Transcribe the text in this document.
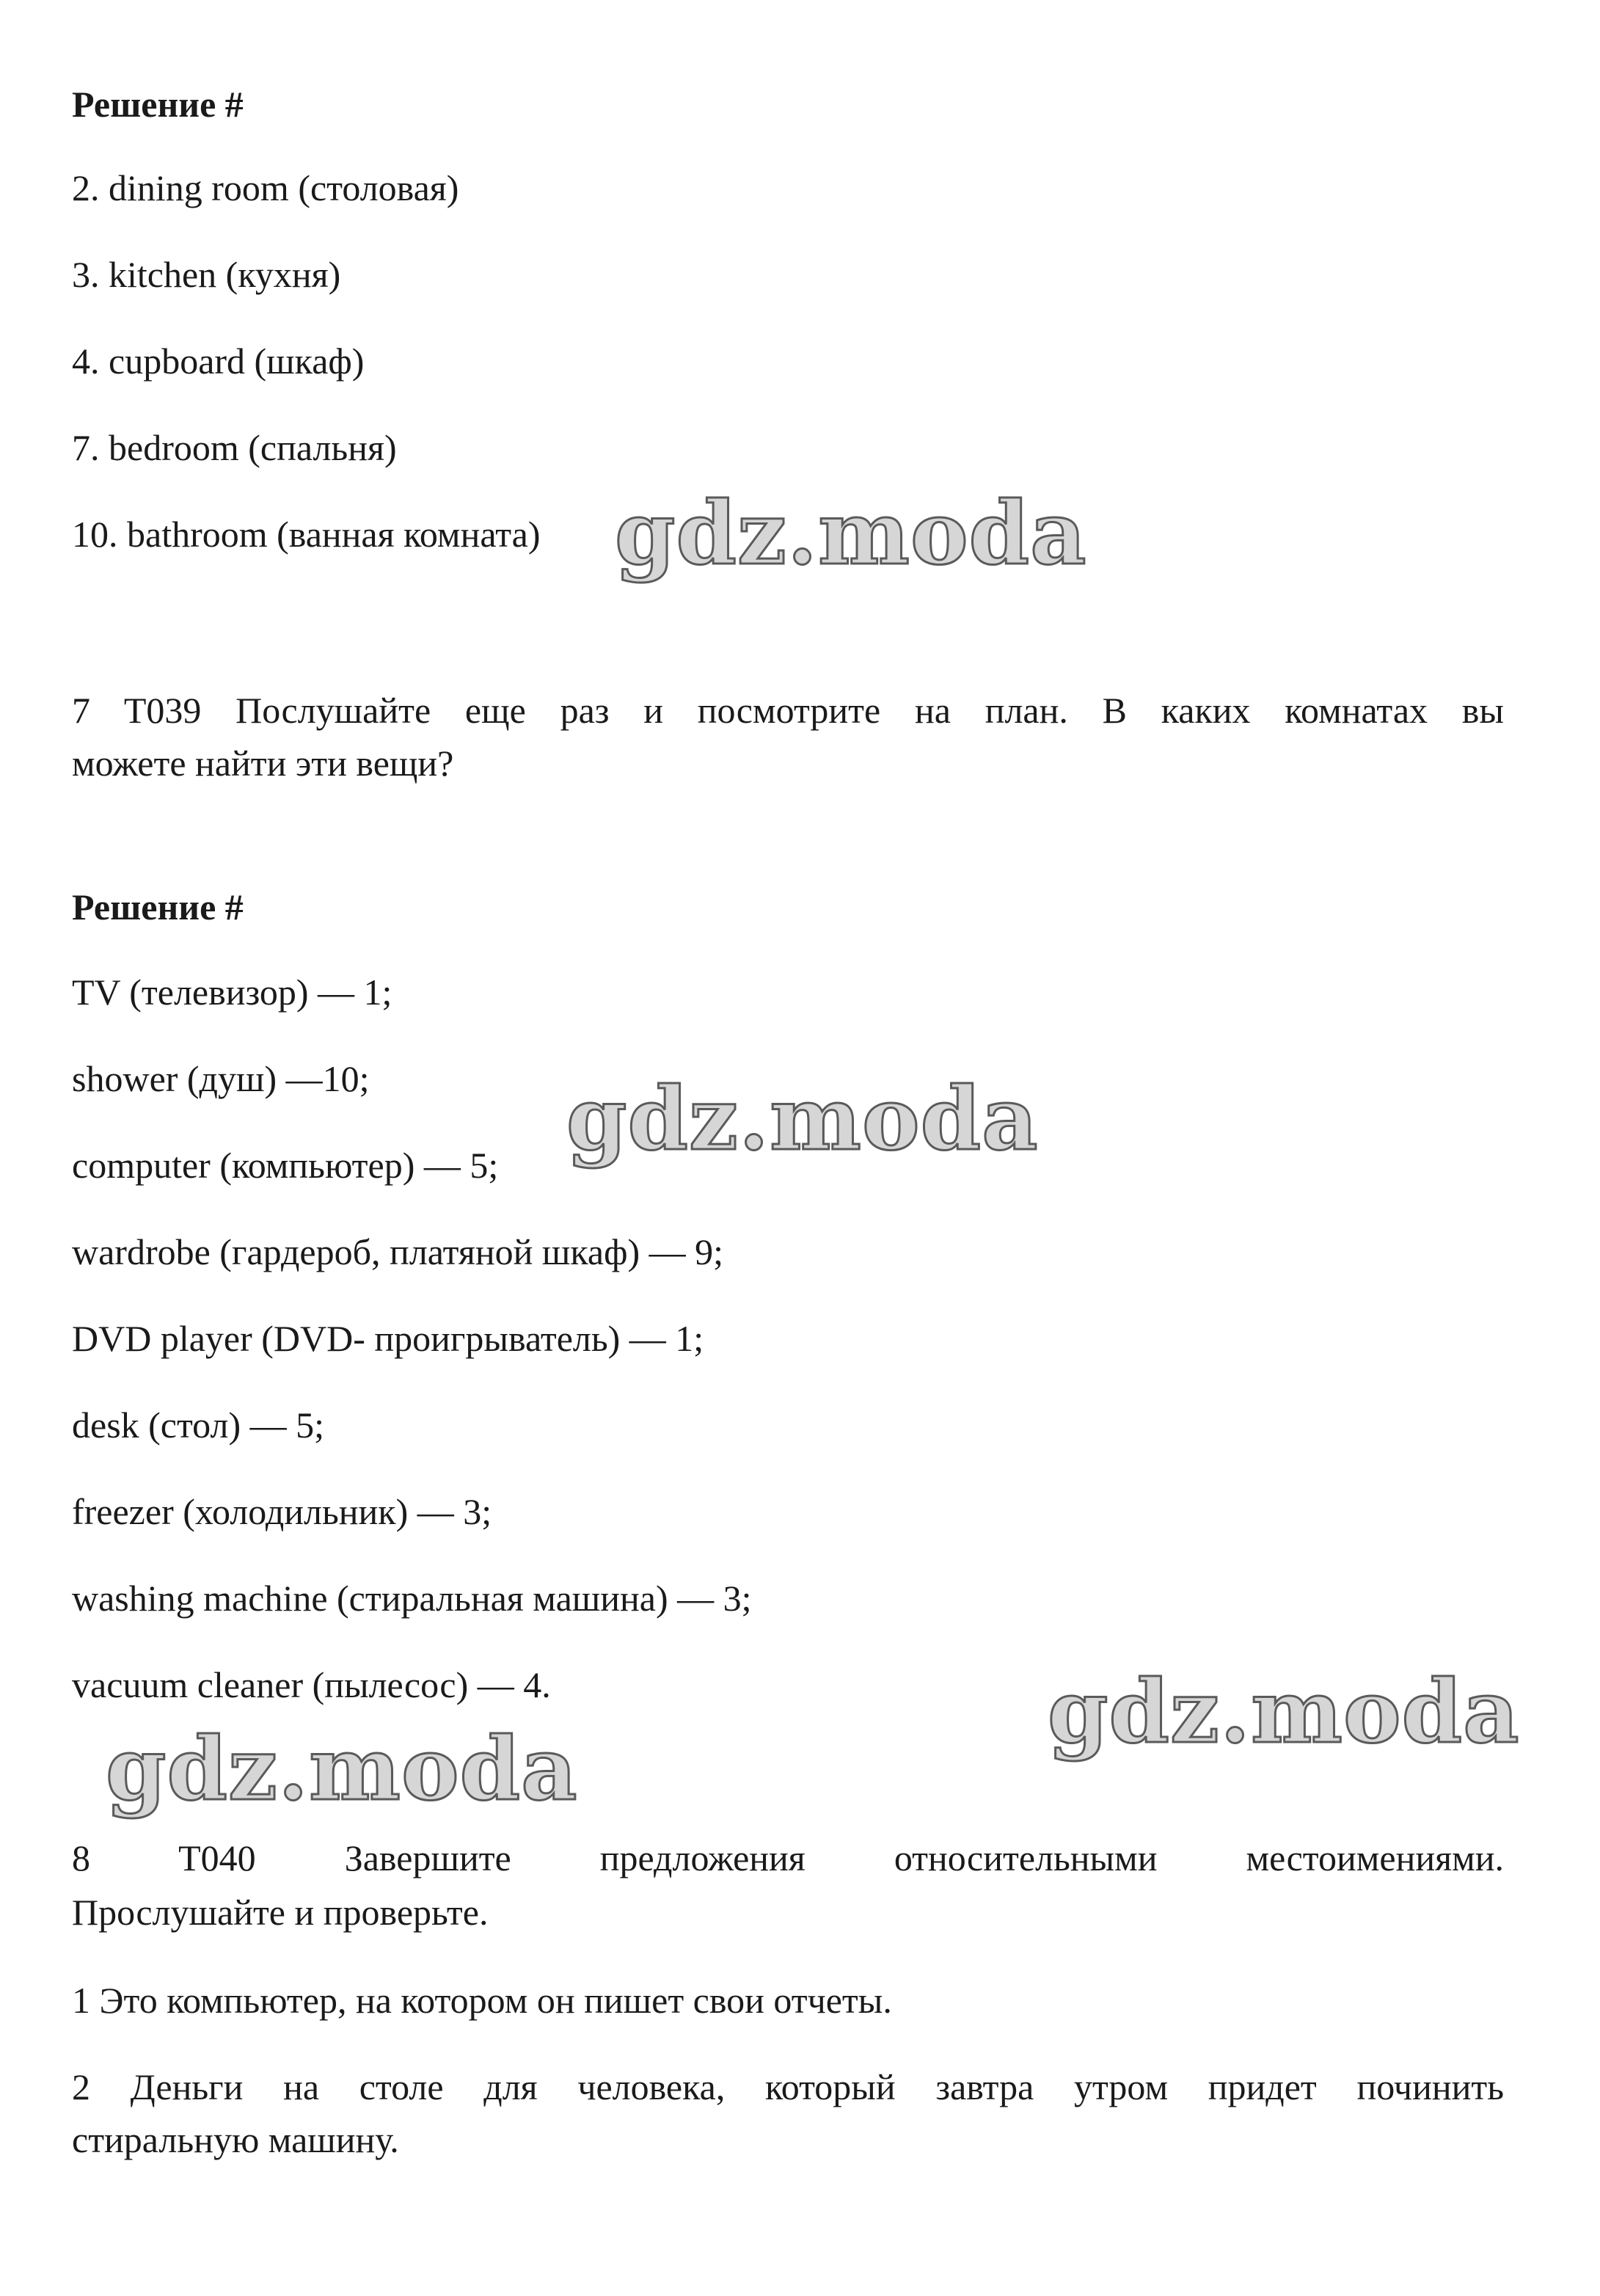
Решение #
2. dining room (столовая)
3. kitchen (кухня)
4. cupboard (шкаф)
7. bedroom (спальня)
10. bathroom (ванная комната)
7 T039 Послушайте еще раз и посмотрите на план. В каких комнатах вы
можете найти эти вещи?
Решение #
TV (телевизор) — 1;
shower (душ) —10;
computer (компьютер) — 5;
wardrobe (гардероб, платяной шкаф) — 9;
DVD player (DVD- проигрыватель) — 1;
desk (стол) — 5;
freezer (холодильник) — 3;
washing machine (стиральная машина) — 3;
vacuum cleaner (пылесос) — 4.
8 T040 Завершите предложения относительными местоимениями.
Прослушайте и проверьте.
1 Это компьютер, на котором он пишет свои отчеты.
2 Деньги на столе для человека, который завтра утром придет починить
стиральную машину.
gdz.moda
gdz.moda
gdz.moda
gdz.moda
